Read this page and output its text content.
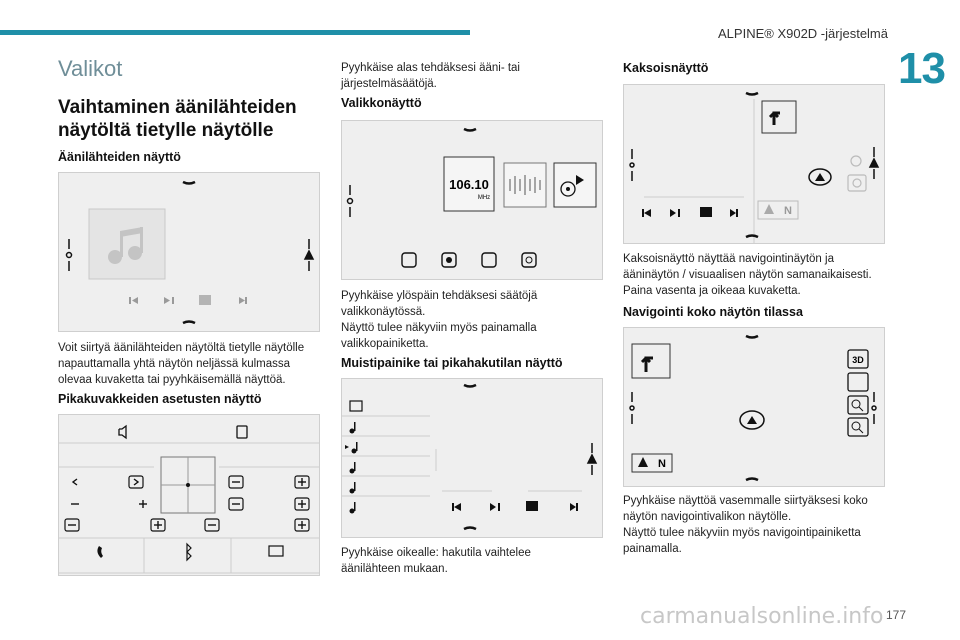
ALPINE® X902D -järjestelmä
13
Valikot
Vaihtaminen äänilähteiden näytöltä tietylle näytölle
Äänilähteiden näyttö
Voit siirtyä äänilähteiden näytöltä tietylle näytölle napauttamalla yhtä näytön neljässä kulmassa olevaa kuvaketta tai pyyhkäisemällä näyttöä.
Pikakuvakkeiden asetusten näyttö
Pyyhkäise alas tehdäksesi ääni- tai järjestelmäsäätöjä.
Valikkonäyttö
106.10
MHz
Pyyhkäise ylöspäin tehdäksesi säätöjä valikkonäytössä.
Näyttö tulee näkyviin myös painamalla valikkopainiketta.
Muistipainike tai pikahakutilan näyttö
Pyyhkäise oikealle: hakutila vaihtelee äänilähteen mukaan.
Kaksoisnäyttö
N
Kaksoisnäyttö näyttää navigointinäytön ja ääninäytön / visuaalisen näytön samanaikaisesti. Paina vasenta ja oikeaa kuvaketta.
Navigointi koko näytön tilassa
3D
N
Pyyhkäise näyttöä vasemmalle siirtyäksesi koko näytön navigointivalikon näytölle.
Näyttö tulee näkyviin myös navigointipainiketta painamalla.
carmanualsonline.info 177
